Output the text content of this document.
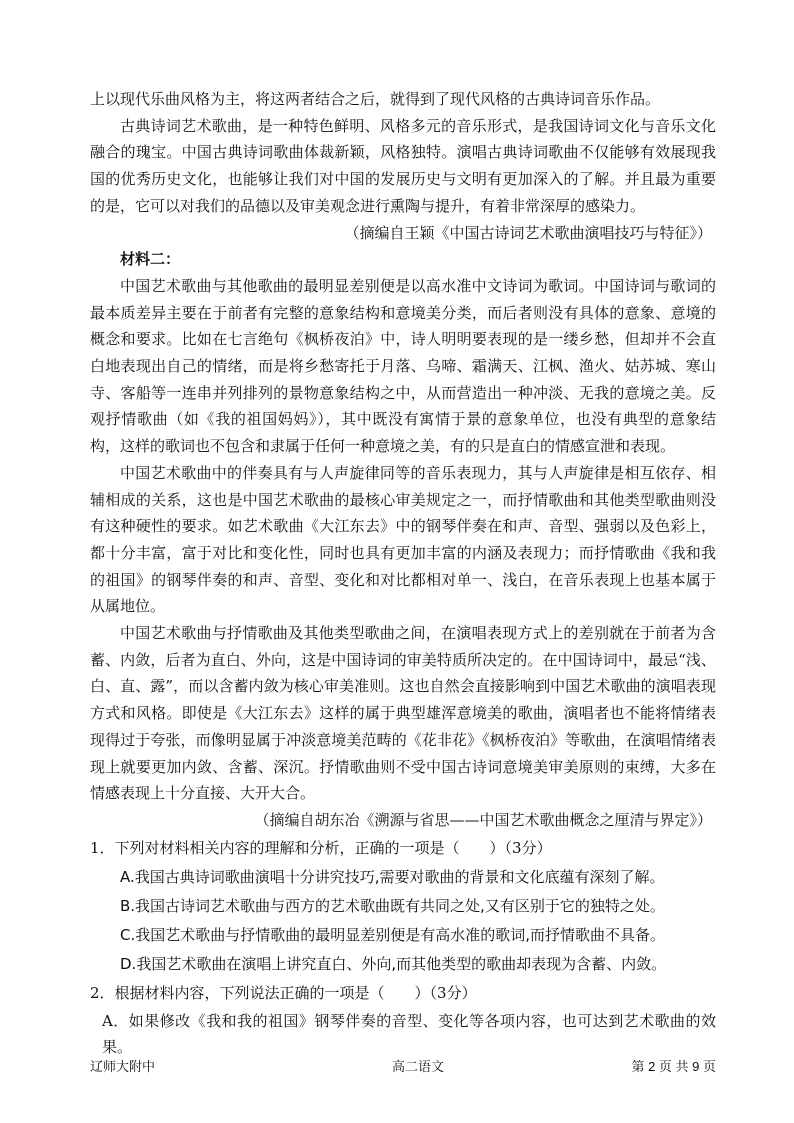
上以现代乐曲风格为主，将这两者结合之后，就得到了现代风格的古典诗词音乐作品。

古典诗词艺术歌曲，是一种特色鲜明、风格多元的音乐形式，是我国诗词文化与音乐文化融合的瑰宝。中国古典诗词歌曲体裁新颖，风格独特。演唱古典诗词歌曲不仅能够有效展现我国的优秀历史文化，也能够让我们对中国的发展历史与文明有更加深入的了解。并且最为重要的是，它可以对我们的品德以及审美观念进行熏陶与提升，有着非常深厚的感染力。

（摘编自王颖《中国古诗词艺术歌曲演唱技巧与特征》）

材料二：

中国艺术歌曲与其他歌曲的最明显差别便是以高水准中文诗词为歌词。中国诗词与歌词的最本质差异主要在于前者有完整的意象结构和意境美分类，而后者则没有具体的意象、意境的概念和要求。比如在七言绝句《枫桥夜泊》中，诗人明明要表现的是一缕乡愁，但却并不会直白地表现出自己的情绪，而是将乡愁寄托于月落、乌啼、霜满天、江枫、渔火、姑苏城、寒山寺、客船等一连串并列排列的景物意象结构之中，从而营造出一种冲淡、无我的意境之美。反观抒情歌曲（如《我的祖国妈妈》），其中既没有寓情于景的意象单位，也没有典型的意象结构，这样的歌词也不包含和隶属于任何一种意境之美，有的只是直白的情感宣泄和表现。

中国艺术歌曲中的伴奏具有与人声旋律同等的音乐表现力，其与人声旋律是相互依存、相辅相成的关系，这也是中国艺术歌曲的最核心审美规定之一，而抒情歌曲和其他类型歌曲则没有这种硬性的要求。如艺术歌曲《大江东去》中的钢琴伴奏在和声、音型、强弱以及色彩上，都十分丰富，富于对比和变化性，同时也具有更加丰富的内涵及表现力；而抒情歌曲《我和我的祖国》的钢琴伴奏的和声、音型、变化和对比都相对单一、浅白，在音乐表现上也基本属于从属地位。

中国艺术歌曲与抒情歌曲及其他类型歌曲之间，在演唱表现方式上的差别就在于前者为含蓄、内敛，后者为直白、外向，这是中国诗词的审美特质所决定的。在中国诗词中，最忌“浅、白、直、露”，而以含蓄内敛为核心审美准则。这也自然会直接影响到中国艺术歌曲的演唱表现方式和风格。即使是《大江东去》这样的属于典型雄浑意境美的歌曲，演唱者也不能将情绪表现得过于夸张，而像明显属于冲淡意境美范畴的《花非花》《枫桥夜泊》等歌曲，在演唱情绪表现上就要更加内敛、含蓄、深沉。抒情歌曲则不受中国古诗词意境美审美原则的束缚，大多在情感表现上十分直接、大开大合。

（摘编自胡东冶《溯源与省思——中国艺术歌曲概念之厘清与界定》）

1．下列对材料相关内容的理解和分析，正确的一项是（　　）（3分）

A.我国古典诗词歌曲演唱十分讲究技巧,需要对歌曲的背景和文化底蕴有深刻了解。

B.我国古诗词艺术歌曲与西方的艺术歌曲既有共同之处,又有区别于它的独特之处。

C.我国艺术歌曲与抒情歌曲的最明显差别便是有高水准的歌词,而抒情歌曲不具备。

D.我国艺术歌曲在演唱上讲究直白、外向,而其他类型的歌曲却表现为含蓄、内敛。

2．根据材料内容，下列说法正确的一项是（　　）（3分）

A．如果修改《我和我的祖国》钢琴伴奏的音型、变化等各项内容，也可达到艺术歌曲的效果。

辽师大附中	高二语文	第 2 页 共 9 页
